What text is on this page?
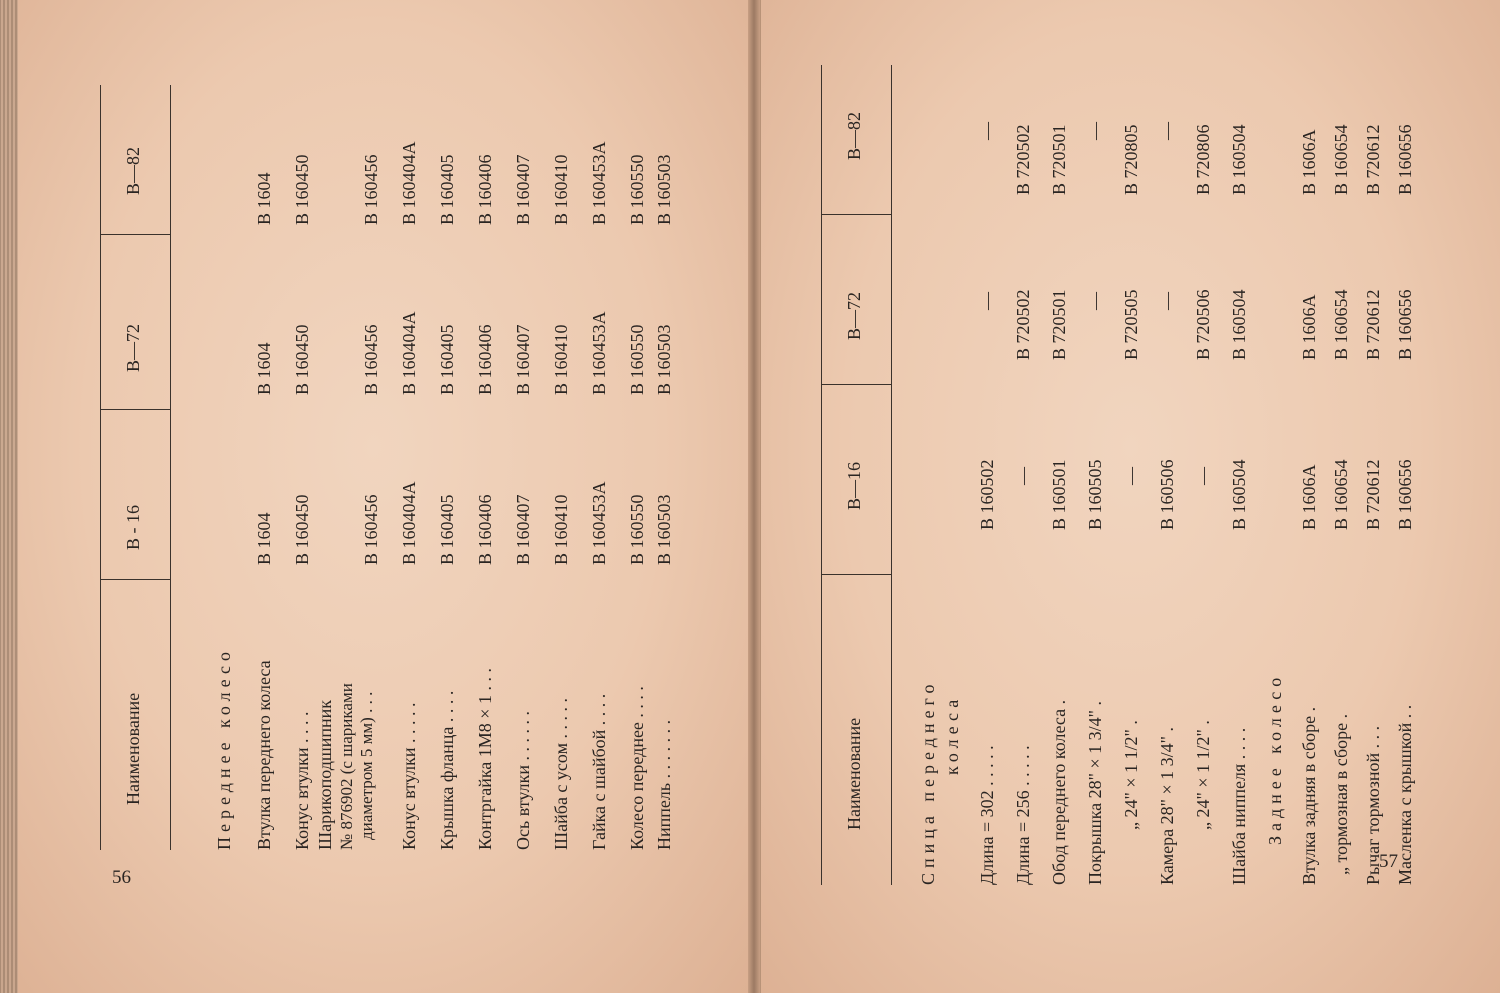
Наименование
В - 16
В—72
В—82
Переднее колесо Втулка переднего колеса
В 1604
В 1604
В 1604
Конус втулки . . . .
В 160450
В 160450
В 160450
Шарикоподшипник № 876902 (с шариками диаметром 5 мм) . . .
В 160456
В 160456
В 160456
Конус втулки . . . . .
В 160404А
В 160404А
В 160404А
Крышка фланца . . . .
В 160405
В 160405
В 160405
Контргайка 1М8 × 1 . . .
В 160406
В 160406
В 160406
Ось втулки . . . . . .
В 160407
В 160407
В 160407
Шайба с усом . . . . .
В 160410
В 160410
В 160410
Гайка с шайбой . . . .
В 160453А
В 160453А
В 160453А
Колесо переднее . . . .
В 160550
В 160550
В 160550
Ниппель . . . . . . .
В 160503
В 160503
В 160503
56
Наименование
В—16
В—72
В—82
Спица переднего колеса
Длина = 302 . . . . .
В 160502
—
—
Длина = 256 . . . . .
—
В 720502
В 720502
Обод переднего колеса .
В 160501
В 720501
В 720501
Покрышка 28" × 1 3/4" .
В 160505
—
—
„ 24" × 1 1/2" .
—
В 720505
В 720805
Камера 28" × 1 3/4" .
В 160506
—
—
„ 24" × 1 1/2" .
—
В 720506
В 720806
Шайба ниппеля . . . .
В 160504
В 160504
В 160504
Заднее колесо Втулка задняя в сборе .
В 1606А
В 1606А
В 1606А
„ тормозная в сборе .
В 160654
В 160654
В 160654
Рычаг тормозной . . .
В 720612
В 720612
В 720612
Масленка с крышкой . .
В 160656
В 160656
В 160656
57
